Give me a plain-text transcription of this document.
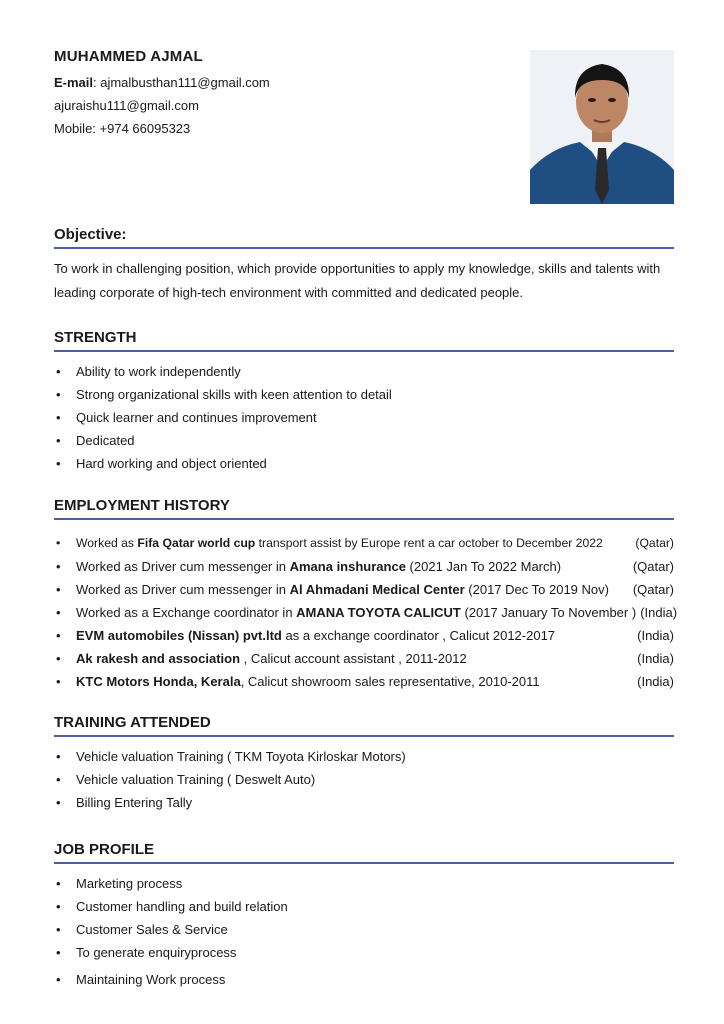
MUHAMMED AJMAL
E-mail: ajmalbusthan111@gmail.com
ajuraishu111@gmail.com
Mobile: +974 66095323
Objective:
To work in challenging position, which provide opportunities to apply my knowledge, skills and talents with leading corporate of high-tech environment with committed and dedicated people.
STRENGTH
• Ability to work independently
• Strong organizational skills with keen attention to detail
• Quick learner and continues improvement
• Dedicated
• Hard working and object oriented
EMPLOYMENT HISTORY
• Worked as Fifa Qatar world cup transport assist by Europe rent a car october to December 2022	(Qatar)
• Worked as Driver cum messenger in Amana inshurance (2021 Jan To 2022 March)	(Qatar)
• Worked as Driver cum messenger in Al Ahmadani Medical Center (2017 Dec To 2019 Nov) (Qatar)
• Worked as a Exchange coordinator in AMANA TOYOTA CALICUT (2017 January To November ) (India)
• EVM automobiles (Nissan) pvt.ltd as a exchange coordinator , Calicut 2012-2017	(India)
• Ak rakesh and association , Calicut account assistant , 2011-2012	(India)
• KTC Motors Honda, Kerala, Calicut showroom sales representative, 2010-2011	(India)
TRAINING ATTENDED
• Vehicle valuation Training ( TKM Toyota Kirloskar Motors)
• Vehicle valuation Training ( Deswelt Auto)
• Billing Entering Tally
JOB PROFILE
• Marketing process
• Customer handling and build relation
• Customer Sales & Service
• To generate enquiryprocess
• Maintaining Work process
